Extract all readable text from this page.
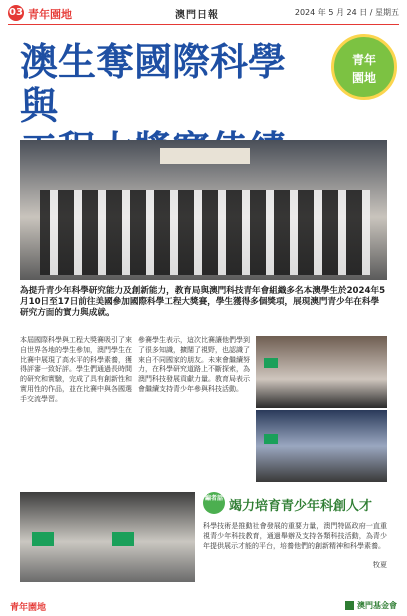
03 青年園地	澳門日報	2024 年 5 月 24 日 / 星期五
澳生奪國際科學與
青年
園地
為提升青少年科學研究能力及創新能力，教育局與澳門科技青年會組織多名本澳學生於2024年5月10日至17日前往美國參加國際科學工程大獎賽，學生獲得多個獎項，展現澳門青少年在科學研究方面的實力與成就。
本屆國際科學與工程大獎賽吸引了來自世界各地的學生參加，澳門學生在比賽中展現了高水平的科學素養，獲得評審一致好評。學生們通過長時間的研究和實驗，完成了具有創新性和實用性的作品，並在比賽中與各國選手交流學習。
參賽學生表示，這次比賽讓他們學到了很多知識，擴闊了視野，也認識了來自不同國家的朋友。未來會繼續努力，在科學研究道路上不斷探索，為澳門科技發展貢獻力量。教育局表示會繼續支持青少年參與科技活動。
編者話
竭力培育青少年科創人才
科學技術是推動社會發展的重要力量，澳門特區政府一直重視青少年科技教育，通過舉辦及支持各類科技活動，為青少年提供展示才能的平台，培養他們的創新精神和科學素養。
牧夏
青年園地	澳門基金會
